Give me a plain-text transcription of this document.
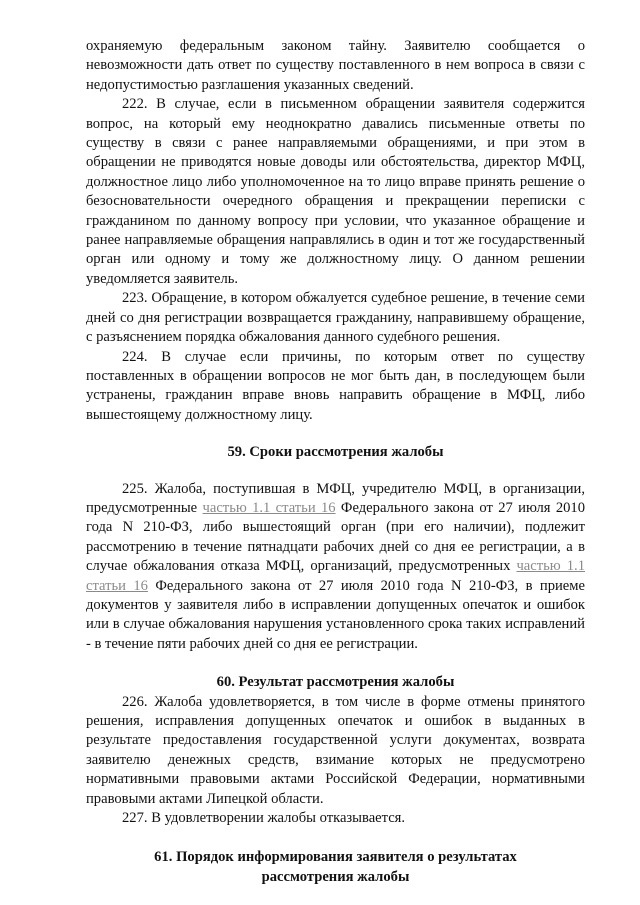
охраняемую федеральным законом тайну. Заявителю сообщается о невозможности дать ответ по существу поставленного в нем вопроса в связи с недопустимостью разглашения указанных сведений.

222. В случае, если в письменном обращении заявителя содержится вопрос, на который ему неоднократно давались письменные ответы по существу в связи с ранее направляемыми обращениями, и при этом в обращении не приводятся новые доводы или обстоятельства, директор МФЦ, должностное лицо либо уполномоченное на то лицо вправе принять решение о безосновательности очередного обращения и прекращении переписки с гражданином по данному вопросу при условии, что указанное обращение и ранее направляемые обращения направлялись в один и тот же государственный орган или одному и тому же должностному лицу. О данном решении уведомляется заявитель.

223. Обращение, в котором обжалуется судебное решение, в течение семи дней со дня регистрации возвращается гражданину, направившему обращение, с разъяснением порядка обжалования данного судебного решения.

224. В случае если причины, по которым ответ по существу поставленных в обращении вопросов не мог быть дан, в последующем были устранены, гражданин вправе вновь направить обращение в МФЦ, либо вышестоящему должностному лицу.

59. Сроки рассмотрения жалобы

225. Жалоба, поступившая в МФЦ, учредителю МФЦ, в организации, предусмотренные частью 1.1 статьи 16 Федерального закона от 27 июля 2010 года N 210-ФЗ, либо вышестоящий орган (при его наличии), подлежит рассмотрению в течение пятнадцати рабочих дней со дня ее регистрации, а в случае обжалования отказа МФЦ, организаций, предусмотренных частью 1.1 статьи 16 Федерального закона от 27 июля 2010 года N 210-ФЗ, в приеме документов у заявителя либо в исправлении допущенных опечаток и ошибок или в случае обжалования нарушения установленного срока таких исправлений - в течение пяти рабочих дней со дня ее регистрации.

60. Результат рассмотрения жалобы

226. Жалоба удовлетворяется, в том числе в форме отмены принятого решения, исправления допущенных опечаток и ошибок в выданных в результате предоставления государственной услуги документах, возврата заявителю денежных средств, взимание которых не предусмотрено нормативными правовыми актами Российской Федерации, нормативными правовыми актами Липецкой области.

227. В удовлетворении жалобы отказывается.

61. Порядок информирования заявителя о результатах
рассмотрения жалобы
